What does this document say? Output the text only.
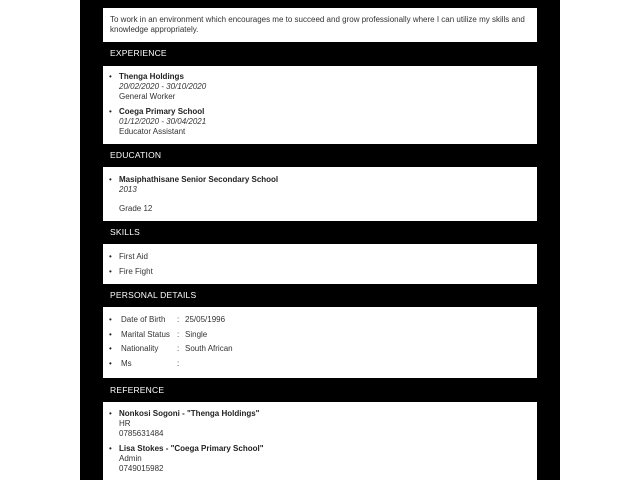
To work in an environment which encourages me to succeed and grow professionally where I can utilize my skills and knowledge appropriately.
EXPERIENCE
• Thenga Holdings
20/02/2020 - 30/10/2020
General Worker
• Coega Primary School
01/12/2020 - 30/04/2021
Educator Assistant
EDUCATION
• Masiphathisane Senior Secondary School
2013
Grade 12
SKILLS
• First Aid
• Fire Fight
PERSONAL DETAILS
• Date of Birth : 25/05/1996
• Marital Status : Single
• Nationality : South African
• Ms	:
REFERENCE
• Nonkosi Sogoni - "Thenga Holdings"
HR
0785631484
• Lisa Stokes - "Coega Primary School"
Admin
0749015982
